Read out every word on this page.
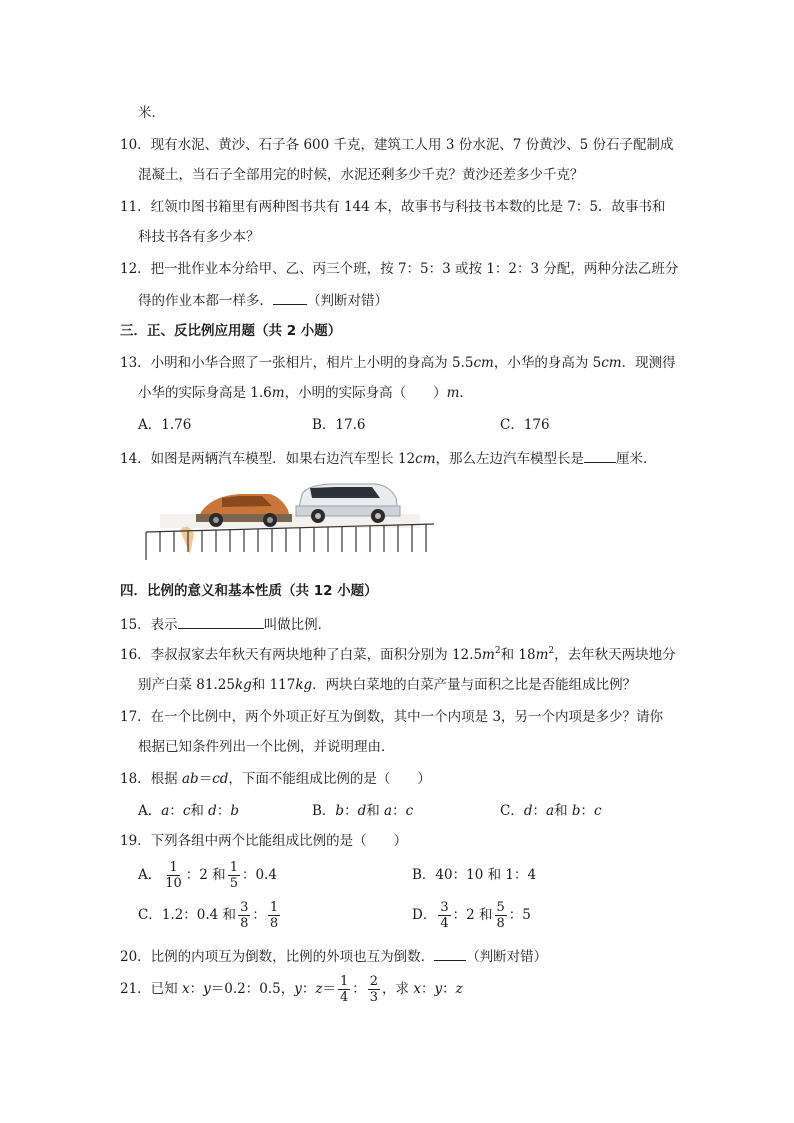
米．
10．现有水泥、黄沙、石子各 600 千克，建筑工人用 3 份水泥、7 份黄沙、5 份石子配制成
混凝土，当石子全部用完的时候，水泥还剩多少千克？黄沙还差多少千克？
11．红领巾图书箱里有两种图书共有 144 本，故事书与科技书本数的比是 7：5．故事书和
科技书各有多少本？
12．把一批作业本分给甲、乙、丙三个班，按 7：5：3 或按 1：2：3 分配，两种分法乙班分
得的作业本都一样多．	（判断对错）
三．正、反比例应用题（共 2 小题）
13．小明和小华合照了一张相片，相片上小明的身高为 5.5cm，小华的身高为 5cm．现测得
小华的实际身高是 1.6m，小明的实际身高（　　）m．
A．1.76	B．17.6	C．176
14．如图是两辆汽车模型．如果右边汽车型长 12cm，那么左边汽车模型长是 厘米．
四．比例的意义和基本性质（共 12 小题）
15．表示	叫做比例．
16．李叔叔家去年秋天有两块地种了白菜，面积分别为 $12.5m^2$和 $18m^2$，去年秋天两块地分
别产白菜 81.25kg和 117kg．两块白菜地的白菜产量与面积之比是否能组成比例？
17．在一个比例中，两个外项正好互为倒数，其中一个内项是 3，另一个内项是多少？请你
根据已知条件列出一个比例，并说明理由．
18．根据 ab＝cd，下面不能组成比例的是（　　）
A．a：c和 d：b	B．b：d和 a：c	C．d：a和 b：c
19．下列各组中两个比能组成比例的是（　　）
A． $\frac{1}{10}$ ：2 和 $\frac{1}{5}$ ：0.4	B．40：10 和 1：4
C．1.2：0.4 和 $\frac{3}{8}$ ： $\frac{1}{8}$	D． $\frac{3}{4}$ ：2 和 $\frac{5}{8}$ ：5
20．比例的内项互为倒数，比例的外项也互为倒数． （判断对错）
21．已知 x：y＝0.2：0.5，y：$z= \frac{1}{4}$ ： $\frac{2}{3}$ ，求 x：y：z
